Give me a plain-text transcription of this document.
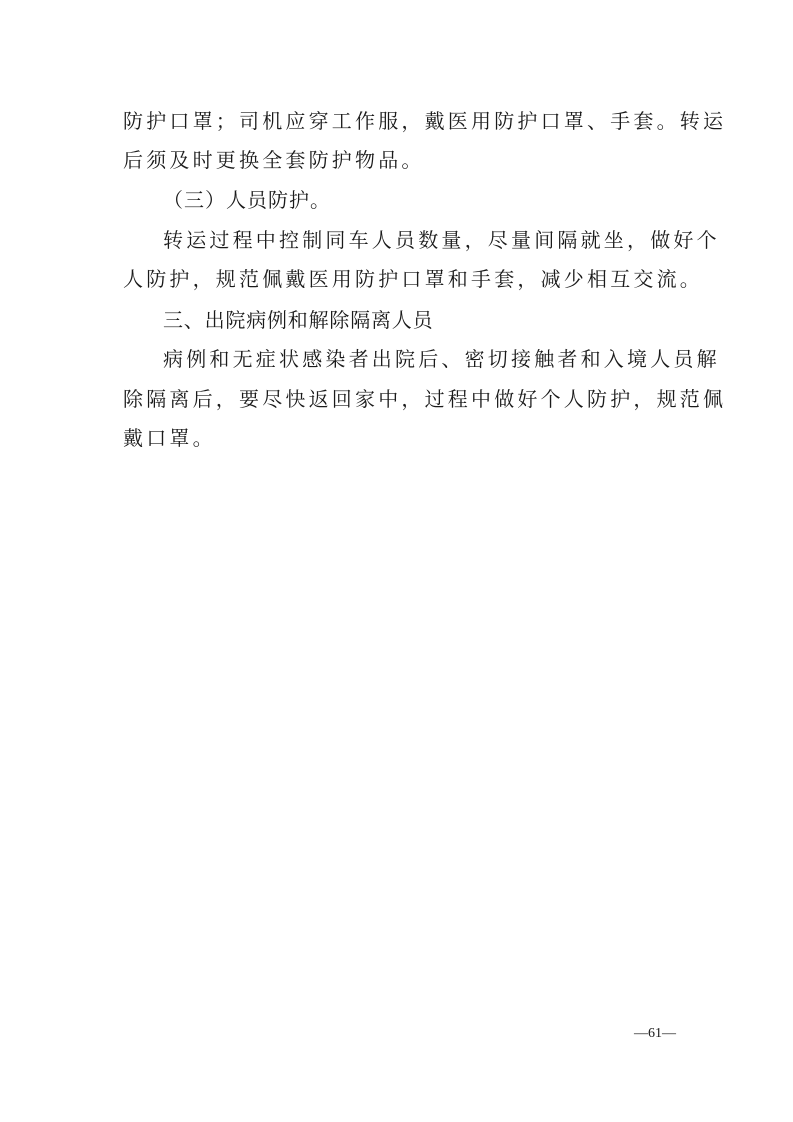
防护口罩；司机应穿工作服，戴医用防护口罩、手套。转运
后须及时更换全套防护物品。
（三）人员防护。
转运过程中控制同车人员数量，尽量间隔就坐，做好个
人防护，规范佩戴医用防护口罩和手套，减少相互交流。
三、出院病例和解除隔离人员
病例和无症状感染者出院后、密切接触者和入境人员解
除隔离后，要尽快返回家中，过程中做好个人防护，规范佩
戴口罩。
—61—
